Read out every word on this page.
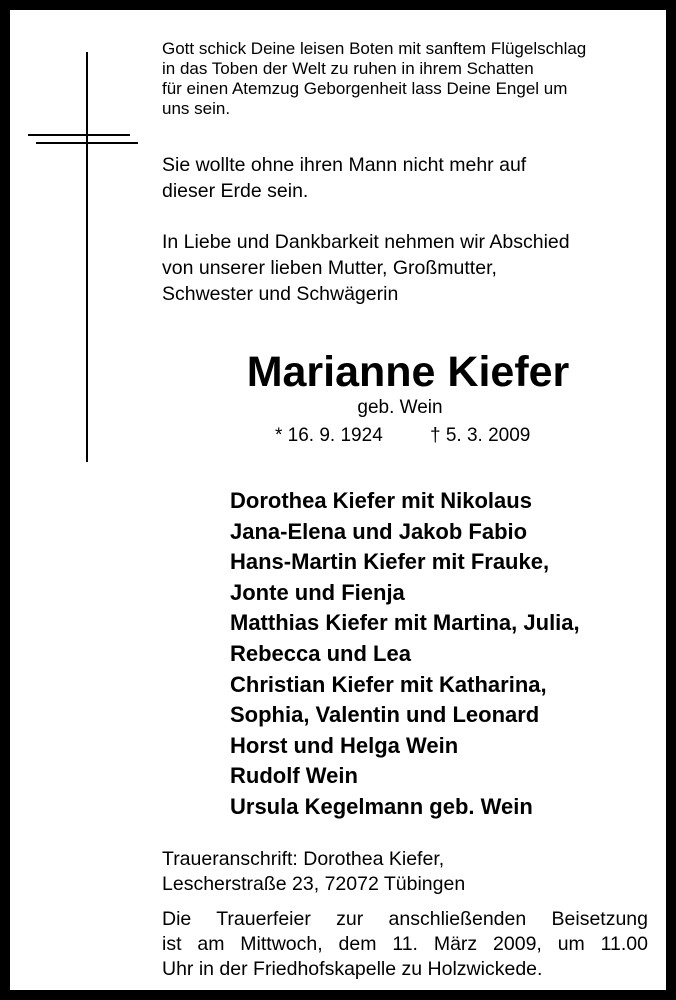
Gott schick Deine leisen Boten mit sanftem Flügelschlag
in das Toben der Welt zu ruhen in ihrem Schatten
für einen Atemzug Geborgenheit lass Deine Engel um
uns sein.
Sie wollte ohne ihren Mann nicht mehr auf
dieser Erde sein.
In Liebe und Dankbarkeit nehmen wir Abschied
von unserer lieben Mutter, Großmutter,
Schwester und Schwägerin
Marianne Kiefer
geb. Wein
* 16. 9. 1924 † 5. 3. 2009
Dorothea Kiefer mit Nikolaus
Jana-Elena und Jakob Fabio
Hans-Martin Kiefer mit Frauke,
Jonte und Fienja
Matthias Kiefer mit Martina, Julia,
Rebecca und Lea
Christian Kiefer mit Katharina,
Sophia, Valentin und Leonard
Horst und Helga Wein
Rudolf Wein
Ursula Kegelmann geb. Wein
Traueranschrift: Dorothea Kiefer,
Lescherstraße 23, 72072 Tübingen
Die Trauerfeier zur anschließenden Beisetzung
ist am Mittwoch, dem 11. März 2009, um 11.00
Uhr in der Friedhofskapelle zu Holzwickede.
